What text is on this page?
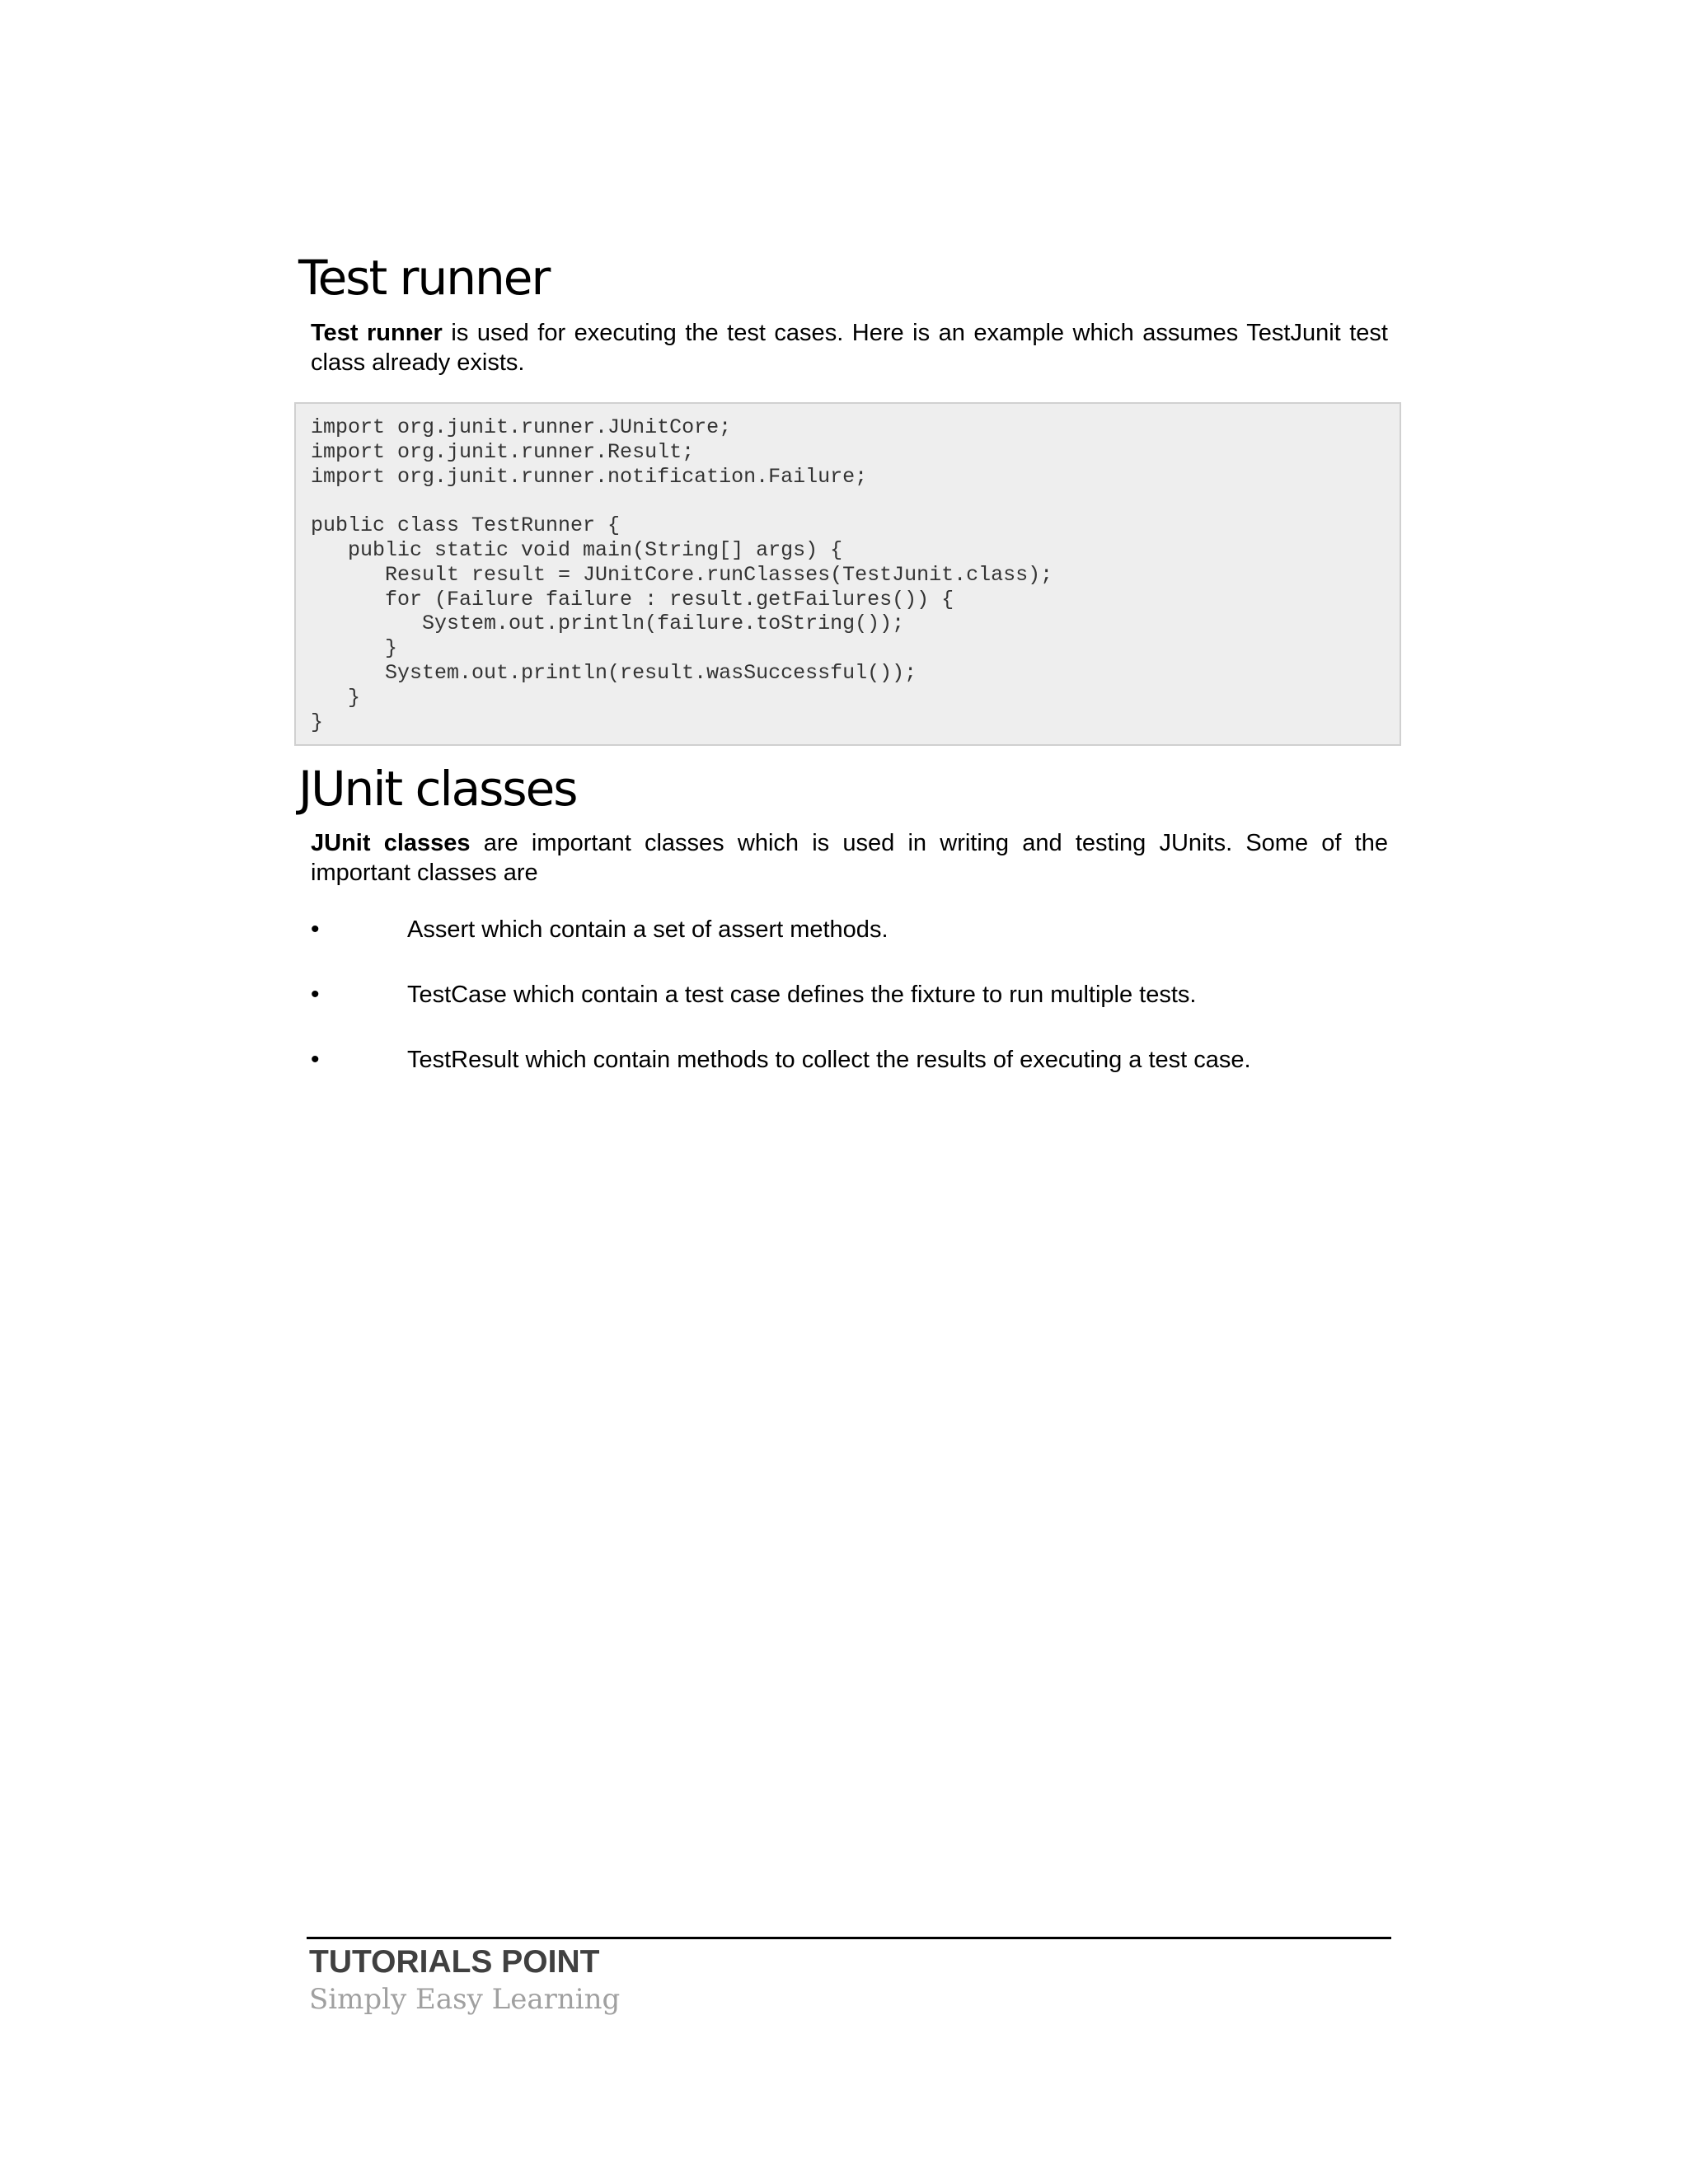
Test runner

Test runner is used for executing the test cases. Here is an example which assumes TestJunit test class already exists.

import org.junit.runner.JUnitCore;
import org.junit.runner.Result;
import org.junit.runner.notification.Failure;

public class TestRunner {
public static void main(String[] args) {
Result result = JUnitCore.runClasses(TestJunit.class);
for (Failure failure : result.getFailures()) {
System.out.println(failure.toString());
}
System.out.println(result.wasSuccessful());
}
}
JUnit classes

JUnit classes are important classes which is used in writing and testing JUnits. Some of the important classes are

•	Assert which contain a set of assert methods.
•	TestCase which contain a test case defines the fixture to run multiple tests.
•	TestResult which contain methods to collect the results of executing a test case.

TUTORIALS POINT

Simply Easy Learning
